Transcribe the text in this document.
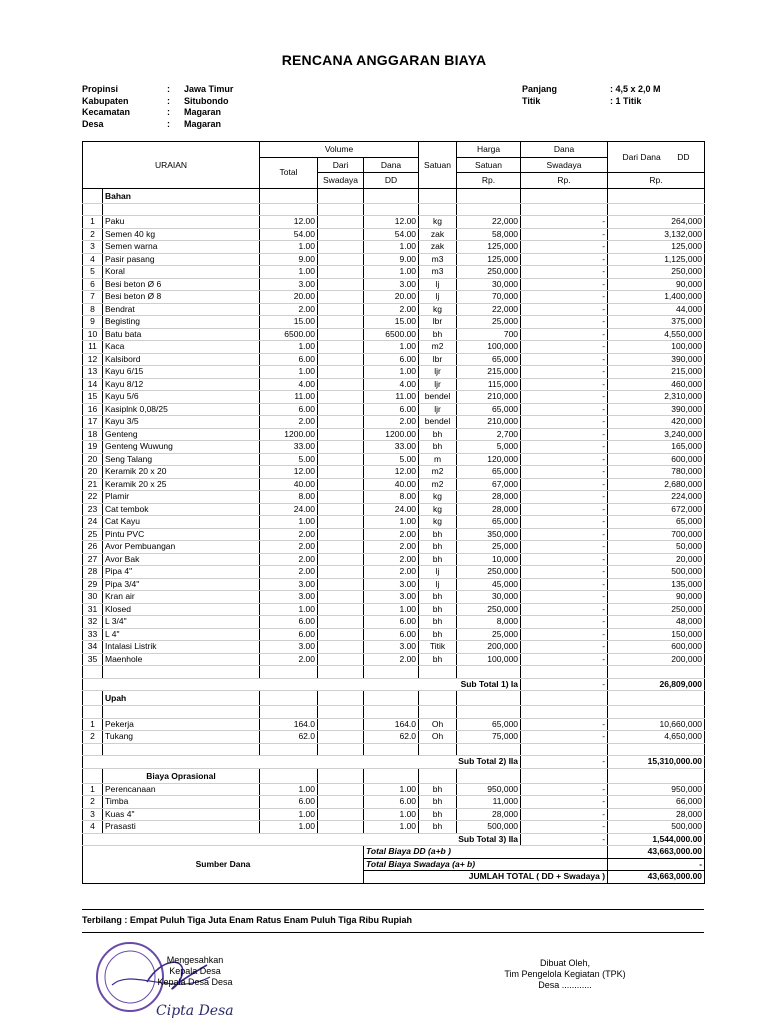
RENCANA ANGGARAN BIAYA
Propinsi	: Jawa Timur
Kabupaten	: Situbondo
Kecamatan	: Magaran
Desa	: Magaran
Panjang	: 4,5 x 2,0 M
Titik	: 1 Titik
URAIAN		Volume			Satuan	Harga	Dana	Dari Dana DD
		Total	Dari	Dana		Satuan	Swadaya	
			Swadaya	DD		Rp.	Rp.	Rp.
	Bahan							

1	Paku	12.00		12.00	kg	22,000	-	264,000
2	Semen 40 kg	54.00		54.00	zak	58,000	-	3,132,000
3	Semen warna	1.00		1.00	zak	125,000	-	125,000
4	Pasir pasang	9.00		9.00	m3	125,000	-	1,125,000
5	Koral	1.00		1.00	m3	250,000	-	250,000
6	Besi beton Ø 6	3.00		3.00	lj	30,000	-	90,000
7	Besi beton Ø 8	20.00		20.00	lj	70,000	-	1,400,000
8	Bendrat	2.00		2.00	kg	22,000	-	44,000
9	Begisting	15.00		15.00	lbr	25,000	-	375,000
10	Batu bata	6500.00		6500.00	bh	700	-	4,550,000
11	Kaca	1.00		1.00	m2	100,000	-	100,000
12	Kalsibord	6.00		6.00	lbr	65,000	-	390,000
13	Kayu 6/15	1.00		1.00	ljr	215,000	-	215,000
14	Kayu 8/12	4.00		4.00	ljr	115,000	-	460,000
15	Kayu 5/6	11.00		11.00	bendel	210,000	-	2,310,000
16	Kasiplnk 0,08/25	6.00		6.00	ljr	65,000	-	390,000
17	Kayu 3/5	2.00		2.00	bendel	210,000	-	420,000
18	Genteng	1200.00		1200.00	bh	2,700	-	3,240,000
19	Genteng Wuwung	33.00		33.00	bh	5,000	-	165,000
20	Seng Talang	5.00		5.00	m	120,000	-	600,000
20	Keramik 20 x 20	12.00		12.00	m2	65,000	-	780,000
21	Keramik 20 x 25	40.00		40.00	m2	67,000	-	2,680,000
22	Plamir	8.00		8.00	kg	28,000	-	224,000
23	Cat tembok	24.00		24.00	kg	28,000	-	672,000
24	Cat Kayu	1.00		1.00	kg	65,000	-	65,000
25	Pintu PVC	2.00		2.00	bh	350,000	-	700,000
26	Avor Pembuangan	2.00		2.00	bh	25,000	-	50,000
27	Avor Bak	2.00		2.00	bh	10,000	-	20,000
28	Pipa 4"	2.00		2.00	lj	250,000	-	500,000
29	Pipa 3/4"	3.00		3.00	lj	45,000	-	135,000
30	Kran air	3.00		3.00	bh	30,000	-	90,000
31	Klosed	1.00		1.00	bh	250,000	-	250,000
32	L 3/4"	6.00		6.00	bh	8,000	-	48,000
33	L 4"	6.00		6.00	bh	25,000	-	150,000
34	Intalasi Listrik	3.00		3.00	Titik	200,000	-	600,000
35	Maenhole	2.00		2.00	bh	100,000	-	200,000

Sub Total 1) Ia							-	26,809,000
	Upah							

1	Pekerja	164.0		164.0	Oh	65,000	-	10,660,000
2	Tukang	62.0		62.0	Oh	75,000	-	4,650,000

Sub Total 2) IIa							-	15,310,000.00
	Biaya Oprasional							
1	Perencanaan	1.00		1.00	bh	950,000	-	950,000
2	Timba	6.00		6.00	bh	11,000	-	66,000
3	Kuas 4"	1.00		1.00	bh	28,000	-	28,000
4	Prasasti	1.00		1.00	bh	500,000	-	500,000
Sub Total 3) IIa							-	1,544,000.00
Sumber Dana				Total Biaya DD (a+b )				43,663,000.00
				Total Biaya Swadaya (a+ b)				-
				JUMLAH TOTAL ( DD + Swadaya )				43,663,000.00
Terbilang : Empat Puluh Tiga Juta Enam Ratus Enam Puluh Tiga Ribu Rupiah
Cipta Desa
Mengesahkan
Kepala Desa
Kepala Desa Desa
Dibuat Oleh,
Tim Pengelola Kegiatan (TPK)
Desa ............
